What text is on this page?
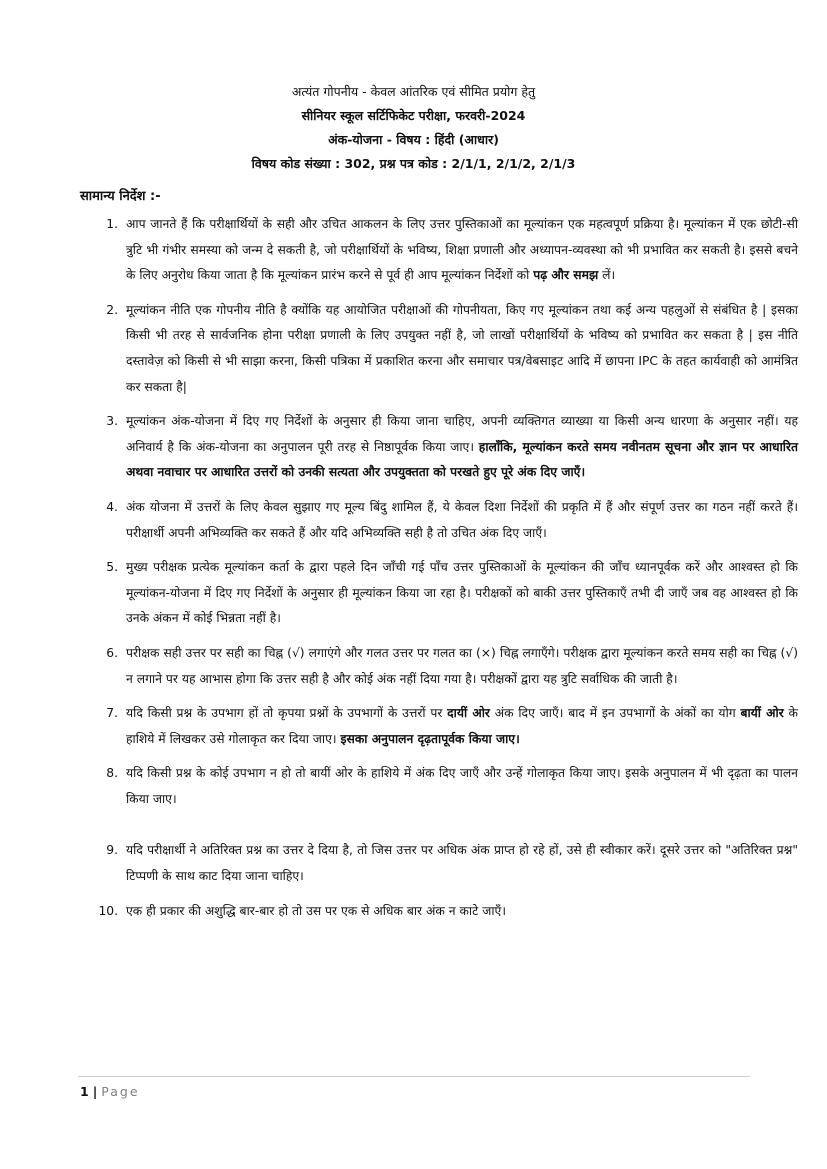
अत्यंत गोपनीय - केवल आंतरिक एवं सीमित प्रयोग हेतु
सीनियर स्कूल सर्टिफिकेट परीक्षा, फरवरी-2024
अंक-योजना - विषय : हिंदी (आधार)
विषय कोड संख्या : 302, प्रश्न पत्र कोड : 2/1/1, 2/1/2, 2/1/3
सामान्य निर्देश :-
1. आप जानते हैं कि परीक्षार्थियों के सही और उचित आकलन के लिए उत्तर पुस्तिकाओं का मूल्यांकन एक महत्वपूर्ण प्रक्रिया है। मूल्यांकन में एक छोटी-सी त्रुटि भी गंभीर समस्या को जन्म दे सकती है, जो परीक्षार्थियों के भविष्य, शिक्षा प्रणाली और अध्यापन-व्यवस्था को भी प्रभावित कर सकती है। इससे बचने के लिए अनुरोध किया जाता है कि मूल्यांकन प्रारंभ करने से पूर्व ही आप मूल्यांकन निर्देशों को पढ़ और समझ लें।
2. मूल्यांकन नीति एक गोपनीय नीति है क्योंकि यह आयोजित परीक्षाओं की गोपनीयता, किए गए मूल्यांकन तथा कई अन्य पहलुओं से संबंधित है | इसका किसी भी तरह से सार्वजनिक होना परीक्षा प्रणाली के लिए उपयुक्त नहीं है, जो लाखों परीक्षार्थियों के भविष्य को प्रभावित कर सकता है | इस नीति दस्तावेज़ को किसी से भी साझा करना, किसी पत्रिका में प्रकाशित करना और समाचार पत्र/वेबसाइट आदि में छापना IPC के तहत कार्यवाही को आमंत्रित कर सकता है|
3. मूल्यांकन अंक-योजना में दिए गए निर्देशों के अनुसार ही किया जाना चाहिए, अपनी व्यक्तिगत व्याख्या या किसी अन्य धारणा के अनुसार नहीं। यह अनिवार्य है कि अंक-योजना का अनुपालन पूरी तरह से निष्ठापूर्वक किया जाए। हालाँकि, मूल्यांकन करते समय नवीनतम सूचना और ज्ञान पर आधारित अथवा नवाचार पर आधारित उत्तरों को उनकी सत्यता और उपयुक्तता को परखते हुए पूरे अंक दिए जाएँ।
4. अंक योजना में उत्तरों के लिए केवल सुझाए गए मूल्य बिंदु शामिल हैं, ये केवल दिशा निर्देशों की प्रकृति में हैं और संपूर्ण उत्तर का गठन नहीं करते हैं। परीक्षार्थी अपनी अभिव्यक्ति कर सकते हैं और यदि अभिव्यक्ति सही है तो उचित अंक दिए जाएँ।
5. मुख्य परीक्षक प्रत्येक मूल्यांकन कर्ता के द्वारा पहले दिन जाँची गई पाँच उत्तर पुस्तिकाओं के मूल्यांकन की जाँच ध्यानपूर्वक करें और आश्वस्त हो कि मूल्यांकन-योजना में दिए गए निर्देशों के अनुसार ही मूल्यांकन किया जा रहा है। परीक्षकों को बाकी उत्तर पुस्तिकाएँ तभी दी जाएँ जब वह आश्वस्त हो कि उनके अंकन में कोई भिन्नता नहीं है।
6. परीक्षक सही उत्तर पर सही का चिह्न (√) लगाएंगे और गलत उत्तर पर गलत का (×) चिह्न लगाएँगे। परीक्षक द्वारा मूल्यांकन करते समय सही का चिह्न (√) न लगाने पर यह आभास होगा कि उत्तर सही है और कोई अंक नहीं दिया गया है। परीक्षकों द्वारा यह त्रुटि सर्वाधिक की जाती है।
7. यदि किसी प्रश्न के उपभाग हों तो कृपया प्रश्नों के उपभागों के उत्तरों पर दायीं ओर अंक दिए जाएँ। बाद में इन उपभागों के अंकों का योग बायीं ओर के हाशिये में लिखकर उसे गोलाकृत कर दिया जाए। इसका अनुपालन दृढ़तापूर्वक किया जाए।
8. यदि किसी प्रश्न के कोई उपभाग न हो तो बायीं ओर के हाशिये में अंक दिए जाएँ और उन्हें गोलाकृत किया जाए। इसके अनुपालन में भी दृढ़ता का पालन किया जाए।
9. यदि परीक्षार्थी ने अतिरिक्त प्रश्न का उत्तर दे दिया है, तो जिस उत्तर पर अधिक अंक प्राप्त हो रहे हों, उसे ही स्वीकार करें। दूसरे उत्तर को "अतिरिक्त प्रश्न" टिप्पणी के साथ काट दिया जाना चाहिए।
10. एक ही प्रकार की अशुद्धि बार-बार हो तो उस पर एक से अधिक बार अंक न काटे जाएँ।
1 | Page
